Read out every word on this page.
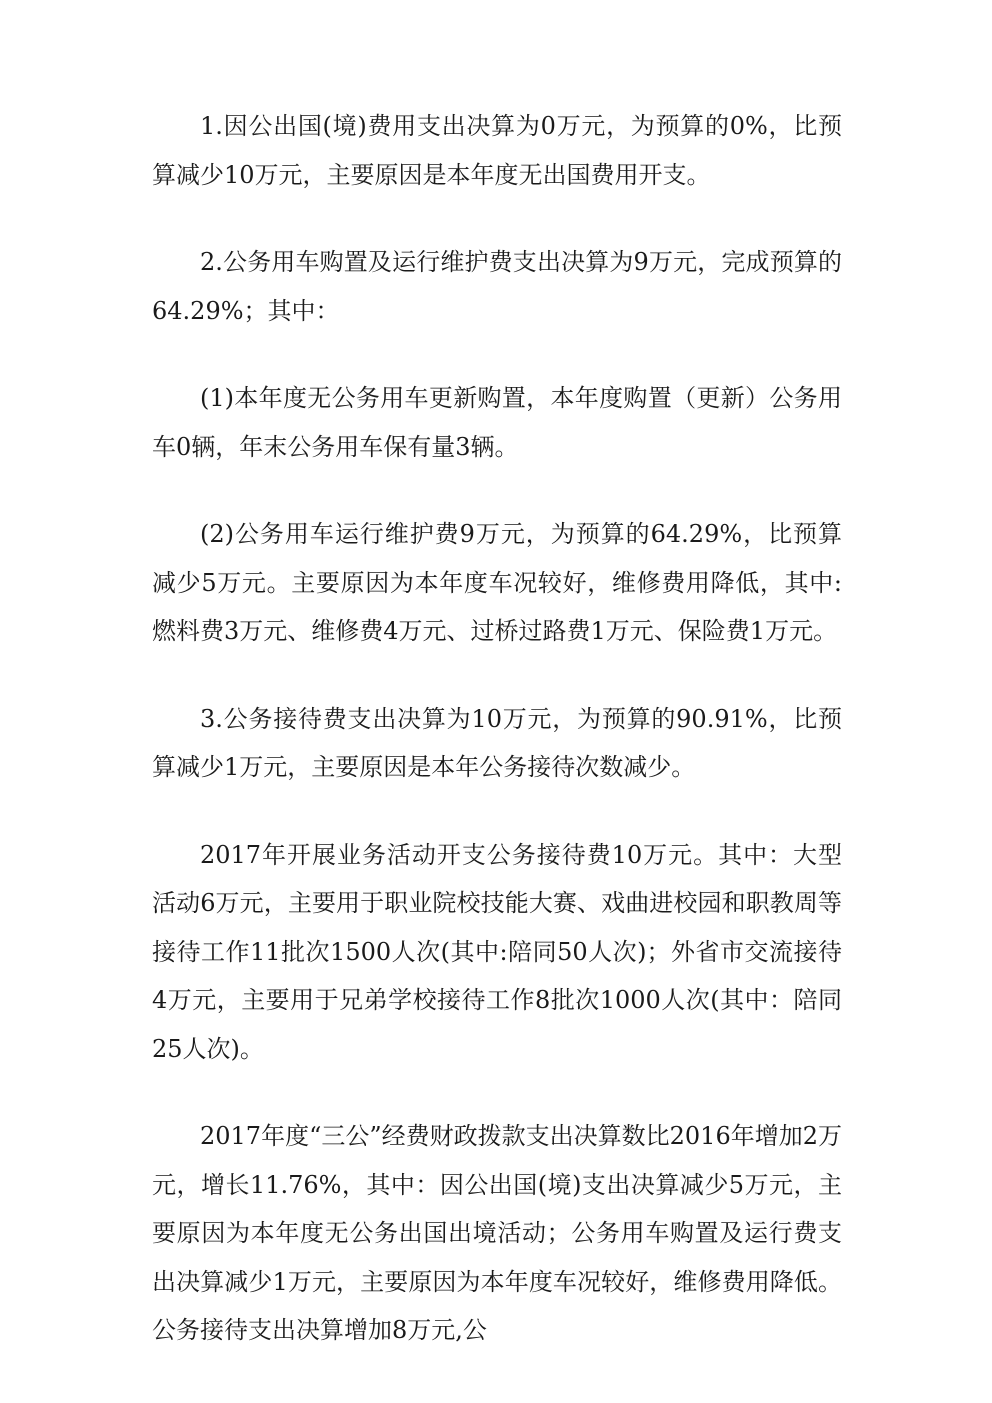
1.因公出国(境)费用支出决算为0万元，为预算的0%，比预算减少10万元，主要原因是本年度无出国费用开支。

2.公务用车购置及运行维护费支出决算为9万元，完成预算的64.29%；其中：

(1)本年度无公务用车更新购置，本年度购置（更新）公务用车0辆，年末公务用车保有量3辆。

(2)公务用车运行维护费9万元，为预算的64.29%，比预算减少5万元。主要原因为本年度车况较好，维修费用降低，其中:燃料费3万元、维修费4万元、过桥过路费1万元、保险费1万元。

3.公务接待费支出决算为10万元，为预算的90.91%，比预算减少1万元，主要原因是本年公务接待次数减少。

2017年开展业务活动开支公务接待费10万元。其中：大型活动6万元，主要用于职业院校技能大赛、戏曲进校园和职教周等接待工作11批次1500人次(其中:陪同50人次)；外省市交流接待4万元，主要用于兄弟学校接待工作8批次1000人次(其中：陪同25人次)。

2017年度“三公”经费财政拨款支出决算数比2016年增加2万元，增长11.76%，其中：因公出国(境)支出决算减少5万元，主要原因为本年度无公务出国出境活动；公务用车购置及运行费支出决算减少1万元，主要原因为本年度车况较好，维修费用降低。公务接待支出决算增加8万元,公
